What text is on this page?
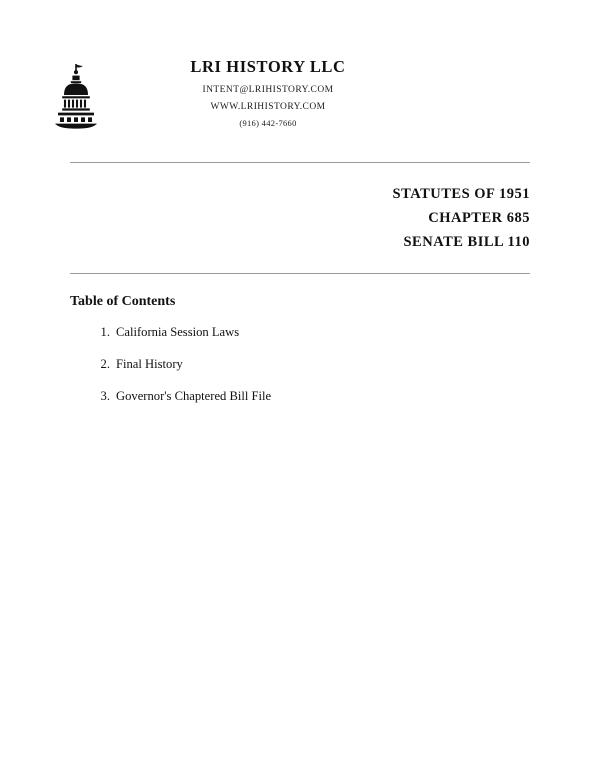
LRI HISTORY LLC
INTENT@LRIHISTORY.COM
WWW.LRIHISTORY.COM
(916) 442-7660
STATUTES OF 1951
CHAPTER 685
SENATE BILL 110
Table of Contents
California Session Laws
Final History
Governor's Chaptered Bill File
